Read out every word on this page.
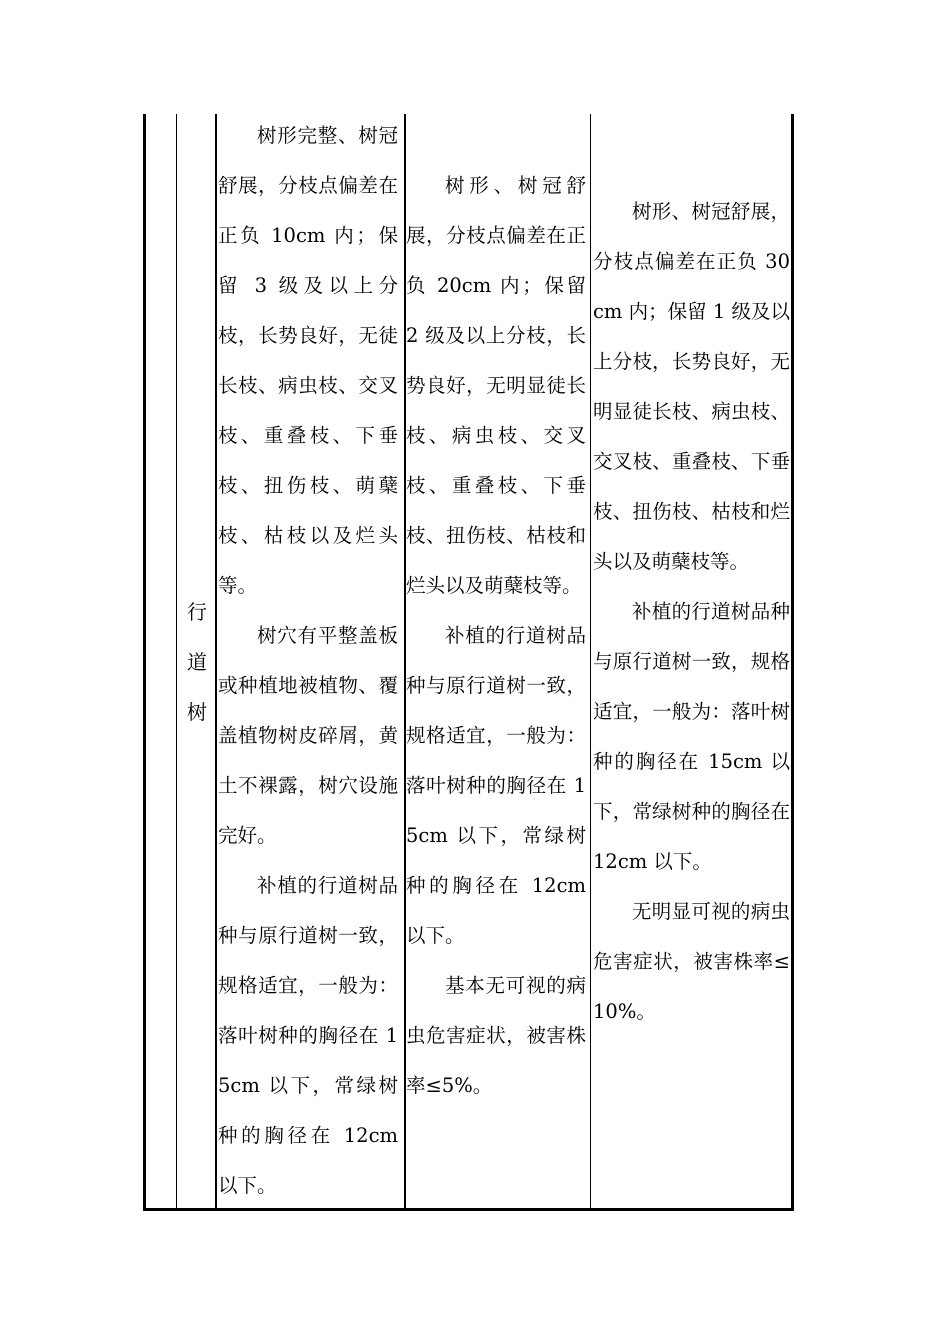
行
道
树

树形完整、树冠舒展，分枝点偏差在正负 10cm 内；保留 3 级及以上分枝，长势良好，无徒长枝、病虫枝、交叉枝、重叠枝、下垂枝、扭伤枝、萌蘖枝、枯枝以及烂头等。

树穴有平整盖板或种植地被植物、覆盖植物树皮碎屑，黄土不裸露，树穴设施完好。

补植的行道树品种与原行道树一致，规格适宜，一般为：落叶树种的胸径在 15cm 以下，常绿树种的胸径在 12cm 以下。

树形、树冠舒展，分枝点偏差在正负 20cm 内；保留 2 级及以上分枝，长势良好，无明显徒长枝、病虫枝、交叉枝、重叠枝、下垂枝、扭伤枝、枯枝和烂头以及萌蘖枝等。

补植的行道树品种与原行道树一致，规格适宜，一般为：落叶树种的胸径在 15cm 以下，常绿树种的胸径在 12cm 以下。

基本无可视的病虫危害症状，被害株率≤5%。

树形、树冠舒展，分枝点偏差在正负 30cm 内；保留 1 级及以上分枝，长势良好，无明显徒长枝、病虫枝、交叉枝、重叠枝、下垂枝、扭伤枝、枯枝和烂头以及萌蘖枝等。

补植的行道树品种与原行道树一致，规格适宜，一般为：落叶树种的胸径在 15cm 以下，常绿树种的胸径在 12cm 以下。

无明显可视的病虫危害症状，被害株率≤10%。
